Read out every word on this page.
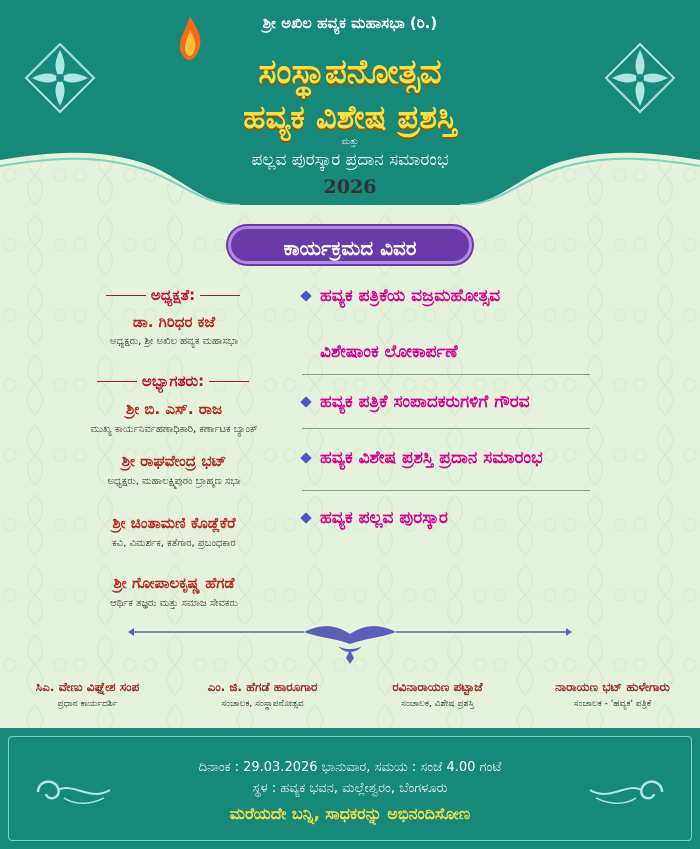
ಶ್ರೀ ಅಖಿಲ ಹವ್ಯಕ ಮಹಾಸಭಾ (ರಿ.)
ಸಂಸ್ಥಾಪನೋತ್ಸವ
ಹವ್ಯಕ ವಿಶೇಷ ಪ್ರಶಸ್ತಿ
ಮತ್ತು
ಪಲ್ಲವ ಪುರಸ್ಕಾರ ಪ್ರದಾನ ಸಮಾರಂಭ
2026
ಕಾರ್ಯಕ್ರಮದ ವಿವರ
ಅಧ್ಯಕ್ಷತೆ:
ಡಾ. ಗಿರಿಧರ ಕಜೆ
ಅಧ್ಯಕ್ಷರು, ಶ್ರೀ ಅಖಿಲ ಹವ್ಯಕ ಮಹಾಸಭಾ
ಅಭ್ಯಾಗತರು:
ಶ್ರೀ ಬಿ. ಎಸ್. ರಾಜ
ಮುಖ್ಯ ಕಾರ್ಯನಿರ್ವಹಣಾಧಿಕಾರಿ, ಕರ್ಣಾಟಕ ಬ್ಯಾಂಕ್
ಶ್ರೀ ರಾಘವೇಂದ್ರ ಭಟ್
ಅಧ್ಯಕ್ಷರು, ಮಹಾಲಕ್ಷ್ಮಿಪುರಂ ಬ್ರಾಹ್ಮಣ ಸಭಾ
ಶ್ರೀ ಚಿಂತಾಮಣಿ ಕೊಡ್ಲೆಕೆರೆ
ಕವಿ, ವಿಮರ್ಶಕ, ಕತೆಗಾರ, ಪ್ರಬಂಧಕಾರ
ಶ್ರೀ ಗೋಪಾಲಕೃಷ್ಣ ಹೆಗಡೆ
ಆರ್ಥಿಕ ತಜ್ಞರು ಮತ್ತು ಸಮಾಜ ಸೇವಕರು
ಹವ್ಯಕ ಪತ್ರಿಕೆಯ ವಜ್ರಮಹೋತ್ಸವ
ವಿಶೇಷಾಂಕ ಲೋಕಾರ್ಪಣೆ
ಹವ್ಯಕ ಪತ್ರಿಕೆ ಸಂಪಾದಕರುಗಳಿಗೆ ಗೌರವ
ಹವ್ಯಕ ವಿಶೇಷ ಪ್ರಶಸ್ತಿ ಪ್ರದಾನ ಸಮಾರಂಭ
ಹವ್ಯಕ ಪಲ್ಲವ ಪುರಸ್ಕಾರ
ಸಿಎ. ವೇಣು ವಿಘ್ನೇಶ ಸಂಪ
ಪ್ರಧಾನ ಕಾರ್ಯದರ್ಶಿ
ಎಂ. ಜಿ. ಹೆಗಡೆ ಹಾರೂಗಾರ
ಸಂಚಾಲಕ, ಸಂಸ್ಥಾಪನೋತ್ಸವ
ರವಿನಾರಾಯಣ ಪಟ್ಟಾಜೆ
ಸಂಚಾಲಕ, ವಿಶೇಷ ಪ್ರಶಸ್ತಿ
ನಾರಾಯಣ ಭಟ್ ಹುಳೇಗಾರು
ಸಂಚಾಲಕ - 'ಹವ್ಯಕ' ಪತ್ರಿಕೆ
ದಿನಾಂಕ : 29.03.2026 ಭಾನುವಾರ, ಸಮಯ : ಸಂಜೆ 4.00 ಗಂಟೆ
ಸ್ಥಳ : ಹವ್ಯಕ ಭವನ, ಮಲ್ಲೇಶ್ವರಂ, ಬೆಂಗಳೂರು
ಮರೆಯದೇ ಬನ್ನಿ, ಸಾಧಕರನ್ನು ಅಭಿನಂದಿಸೋಣ
